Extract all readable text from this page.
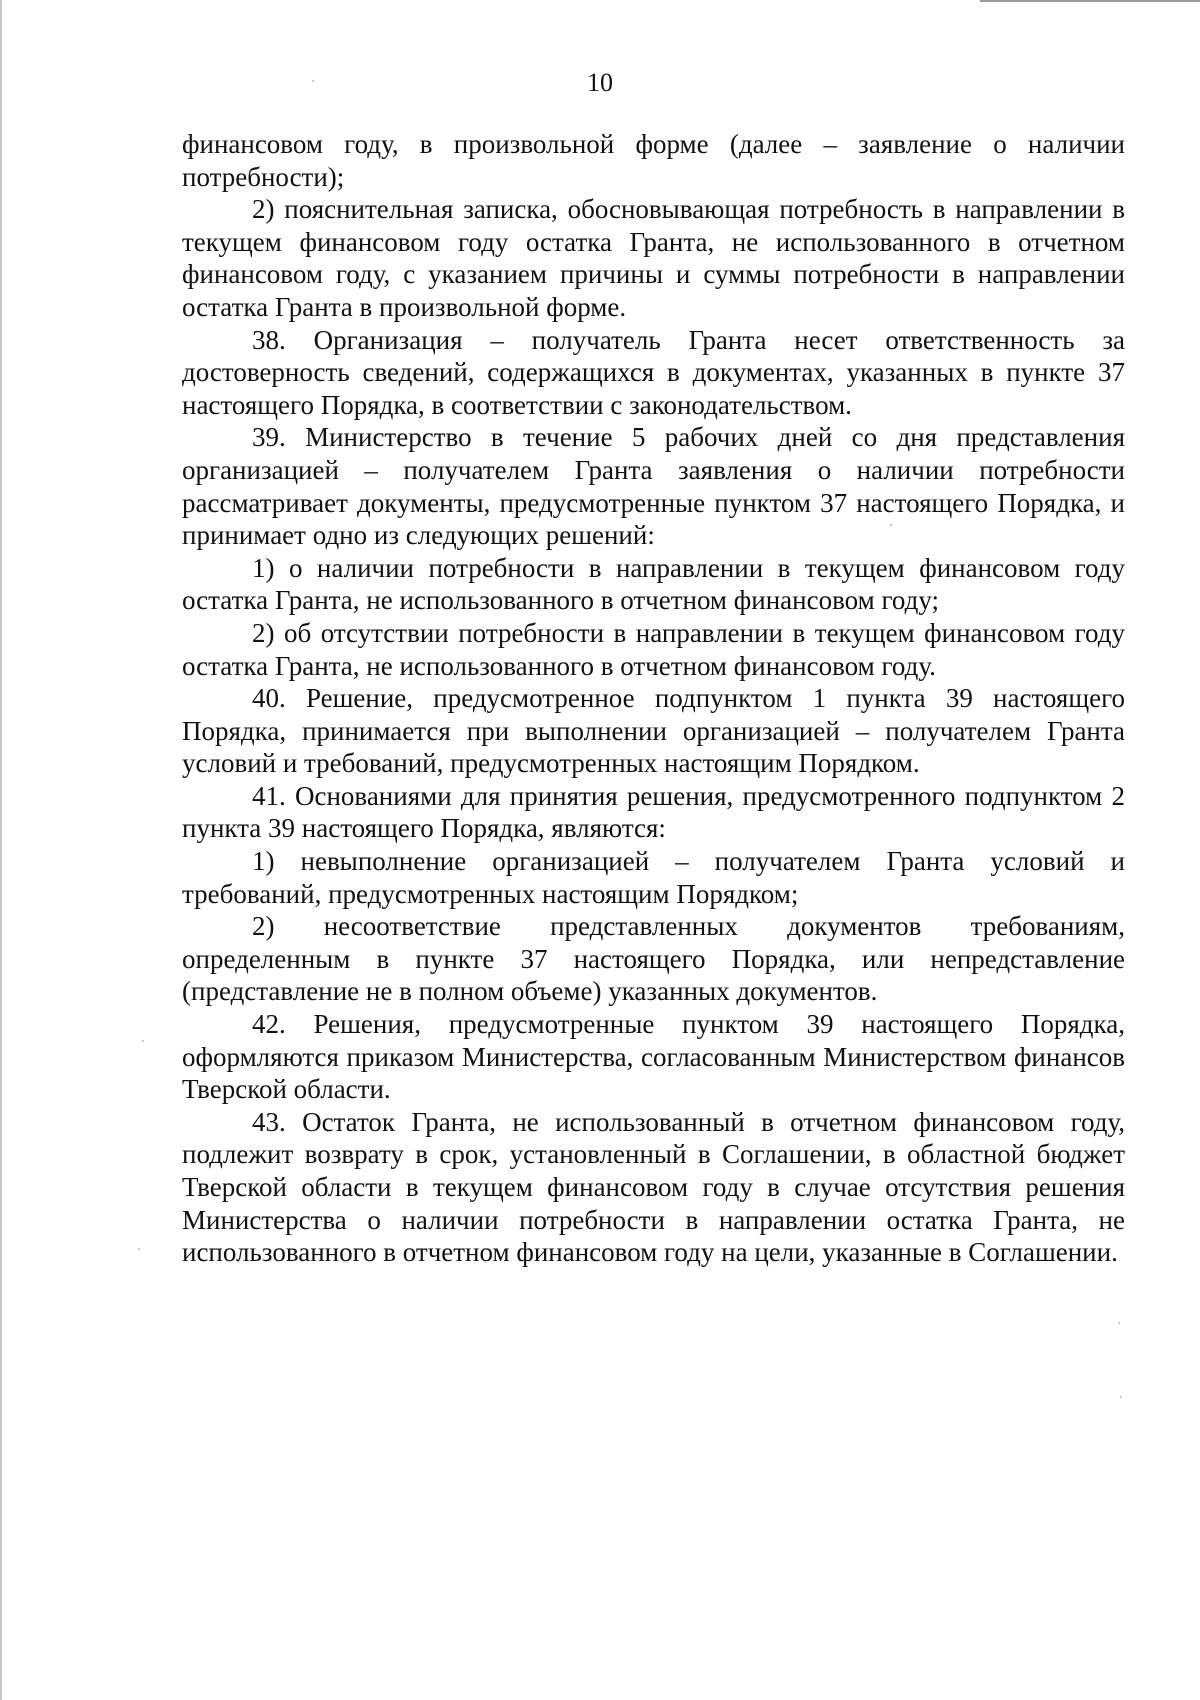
10

финансовом году, в произвольной форме (далее – заявление о наличии потребности);

2) пояснительная записка, обосновывающая потребность в направлении в текущем финансовом году остатка Гранта, не использованного в отчетном финансовом году, с указанием причины и суммы потребности в направлении остатка Гранта в произвольной форме.

38. Организация – получатель Гранта несет ответственность за достоверность сведений, содержащихся в документах, указанных в пункте 37 настоящего Порядка, в соответствии с законодательством.

39. Министерство в течение 5 рабочих дней со дня представления организацией – получателем Гранта заявления о наличии потребности рассматривает документы, предусмотренные пунктом 37 настоящего Порядка, и принимает одно из следующих решений:

1) о наличии потребности в направлении в текущем финансовом году остатка Гранта, не использованного в отчетном финансовом году;

2) об отсутствии потребности в направлении в текущем финансовом году остатка Гранта, не использованного в отчетном финансовом году.

40. Решение, предусмотренное подпунктом 1 пункта 39 настоящего Порядка, принимается при выполнении организацией – получателем Гранта условий и требований, предусмотренных настоящим Порядком.

41. Основаниями для принятия решения, предусмотренного подпунктом 2 пункта 39 настоящего Порядка, являются:

1) невыполнение организацией – получателем Гранта условий и требований, предусмотренных настоящим Порядком;

2) несоответствие представленных документов требованиям, определенным в пункте 37 настоящего Порядка, или непредставление (представление не в полном объеме) указанных документов.

42. Решения, предусмотренные пунктом 39 настоящего Порядка, оформляются приказом Министерства, согласованным Министерством финансов Тверской области.

43. Остаток Гранта, не использованный в отчетном финансовом году, подлежит возврату в срок, установленный в Соглашении, в областной бюджет Тверской области в текущем финансовом году в случае отсутствия решения Министерства о наличии потребности в направлении остатка Гранта, не использованного в отчетном финансовом году на цели, указанные в Соглашении.
